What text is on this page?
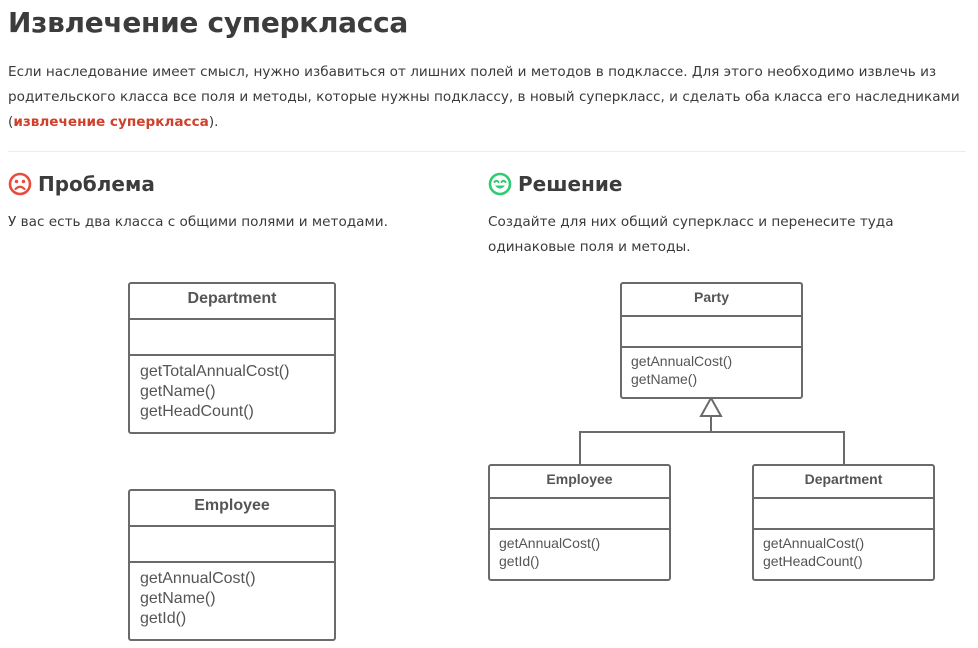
Извлечение суперкласса

Если наследование имеет смысл, нужно избавиться от лишних полей и методов в подклассе. Для этого необходимо извлечь из родительского класса все поля и методы, которые нужны подклассу, в новый суперкласс, и сделать оба класса его наследниками (извлечение суперкласса).

Проблема
У вас есть два класса с общими полями и методами.
Department
getTotalAnnualCost()
getName()
getHeadCount()
Employee
getAnnualCost()
getName()
getId()
Решение
Создайте для них общий суперкласс и перенесите туда
одинаковые поля и методы.
Party
getAnnualCost()
getName()
Employee
getAnnualCost()
getId()
Department
getAnnualCost()
getHeadCount()
